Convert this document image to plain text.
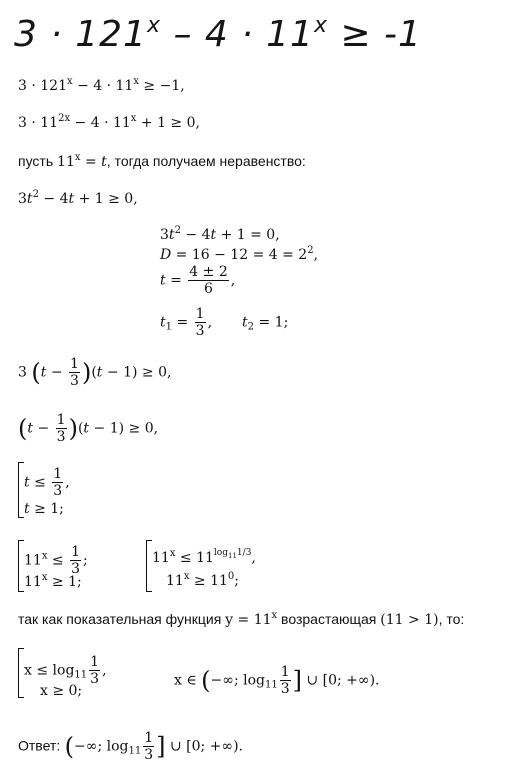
$3 \cdot 121^x - 4 \cdot 11^x \ge -1$
$3 \cdot 121^x - 4 \cdot 11^x \ge -1$,
$3 \cdot 11^{2x} - 4 \cdot 11^x + 1 \ge 0$,
пусть $11^x = t$, тогда получаем неравенство:
$3t^2 - 4t + 1 \ge 0$,
$3t^2 - 4t + 1 = 0$,
$D = 16 - 12 = 4 = 2^2$,
$t = \frac{4 \pm 2}{6}$ ,
$t_1 = \frac{1}{3}$ , $t_2 = 1$;
3 $(t - \frac{1}{3} )(t - 1) \ge 0$,
$(t - \frac{1}{3} )(t - 1) \ge 0$,
$t \le \frac{1}{3}$ ,
t ≥ 1;
$11^x \le \frac{1}{3}$ ;
$11^x \ge 1$;
$11^x \le 11^{log_{11}1/3}$,
$11^x \ge 11^0$;
так как показательная функция $y = 11^x$ возрастающая (11 > 1), то:
$x \le \log_{11} \frac{1}{3}$ ,
x ≥ 0;
x ∈ (−∞; $\log_{11} \frac{1}{3}$ ] ∪ [0; +∞).
Ответ: (−∞; $\log_{11} \frac{1}{3}$ ] ∪ [0; +∞).
